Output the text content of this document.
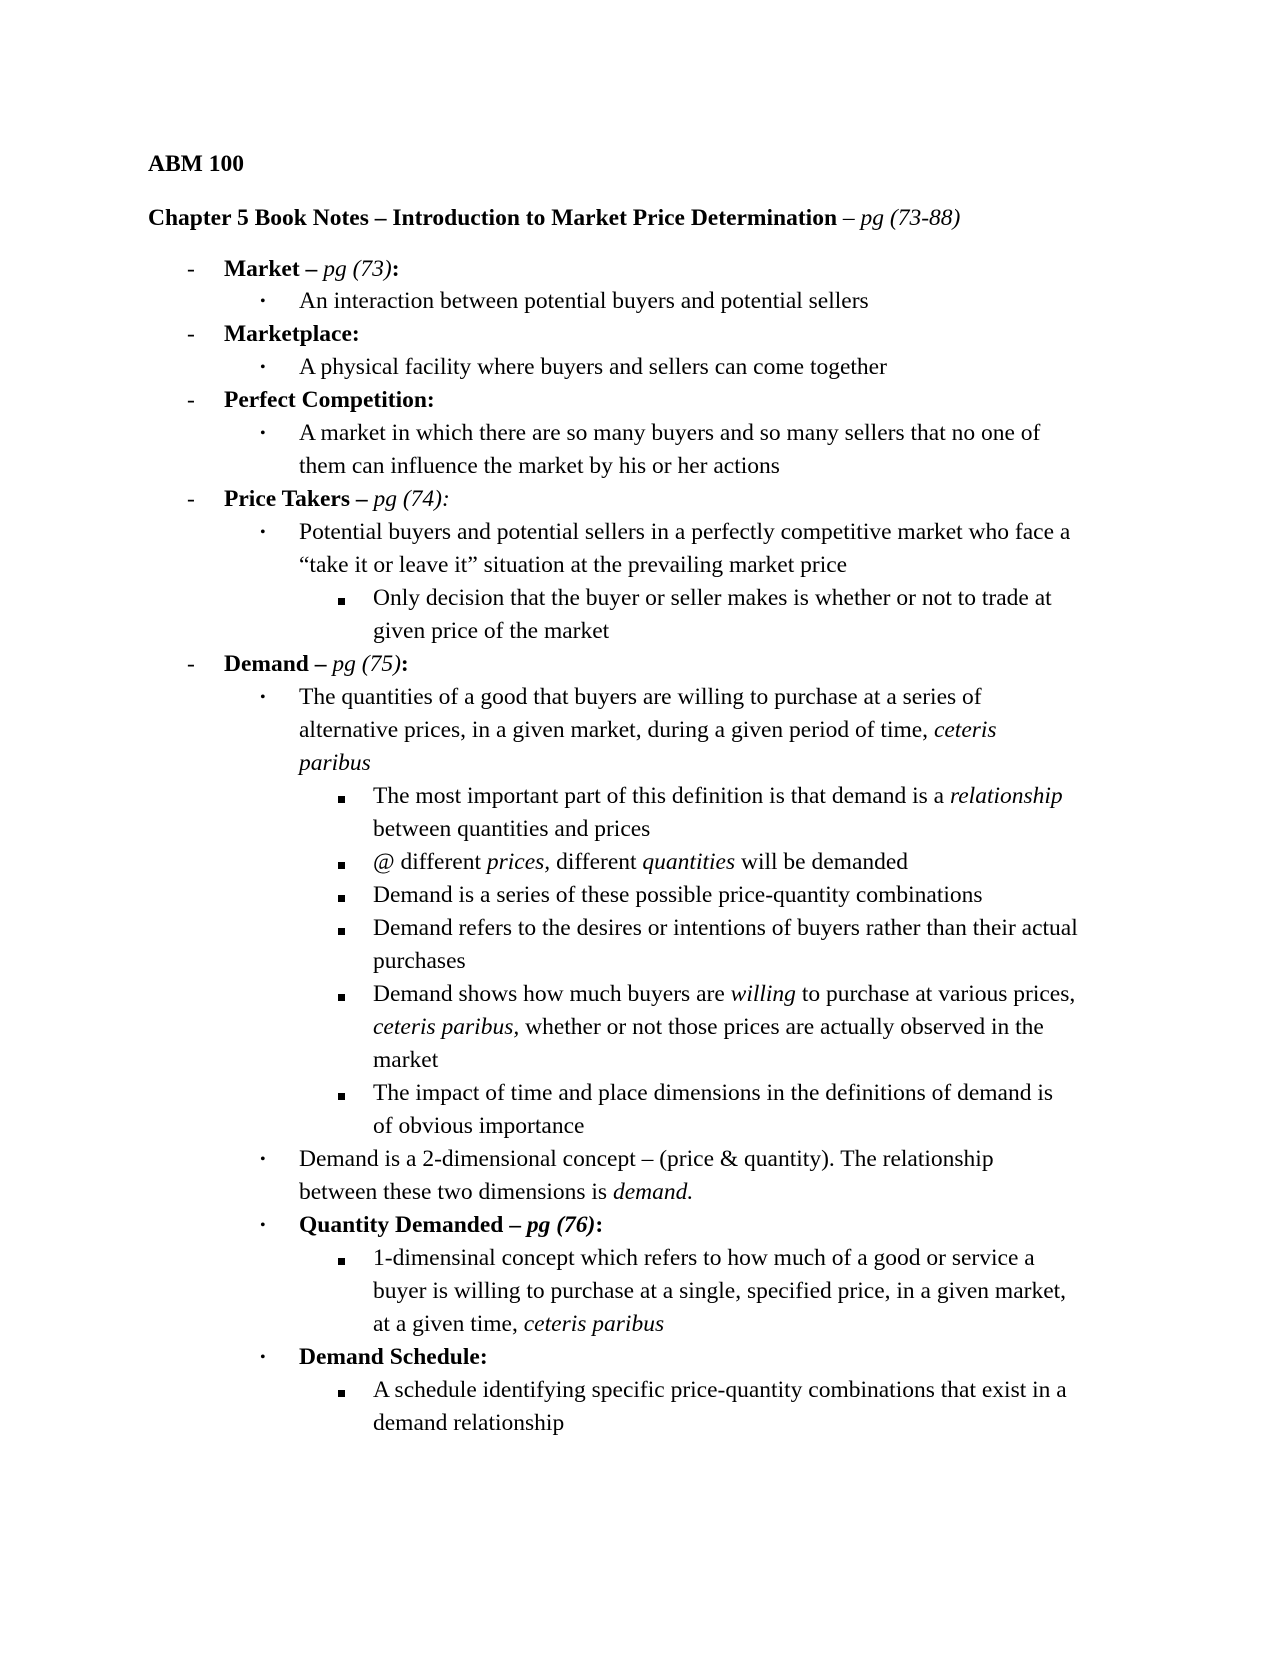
ABM 100
Chapter 5 Book Notes – Introduction to Market Price Determination – pg (73-88)
- Market – pg (73):
• An interaction between potential buyers and potential sellers
- Marketplace:
• A physical facility where buyers and sellers can come together
- Perfect Competition:
• A market in which there are so many buyers and so many sellers that no one of
them can influence the market by his or her actions
- Price Takers – pg (74):
• Potential buyers and potential sellers in a perfectly competitive market who face a
“take it or leave it” situation at the prevailing market price
Only decision that the buyer or seller makes is whether or not to trade at
given price of the market
- Demand – pg (75):
• The quantities of a good that buyers are willing to purchase at a series of
alternative prices, in a given market, during a given period of time, ceteris
paribus
The most important part of this definition is that demand is a relationship
between quantities and prices
@ different prices, different quantities will be demanded
Demand is a series of these possible price-quantity combinations
Demand refers to the desires or intentions of buyers rather than their actual
purchases
Demand shows how much buyers are willing to purchase at various prices,
ceteris paribus, whether or not those prices are actually observed in the
market
The impact of time and place dimensions in the definitions of demand is
of obvious importance
• Demand is a 2-dimensional concept – (price & quantity). The relationship
between these two dimensions is demand.
• Quantity Demanded – pg (76):
1-dimensinal concept which refers to how much of a good or service a
buyer is willing to purchase at a single, specified price, in a given market,
at a given time, ceteris paribus
• Demand Schedule:
A schedule identifying specific price-quantity combinations that exist in a
demand relationship
